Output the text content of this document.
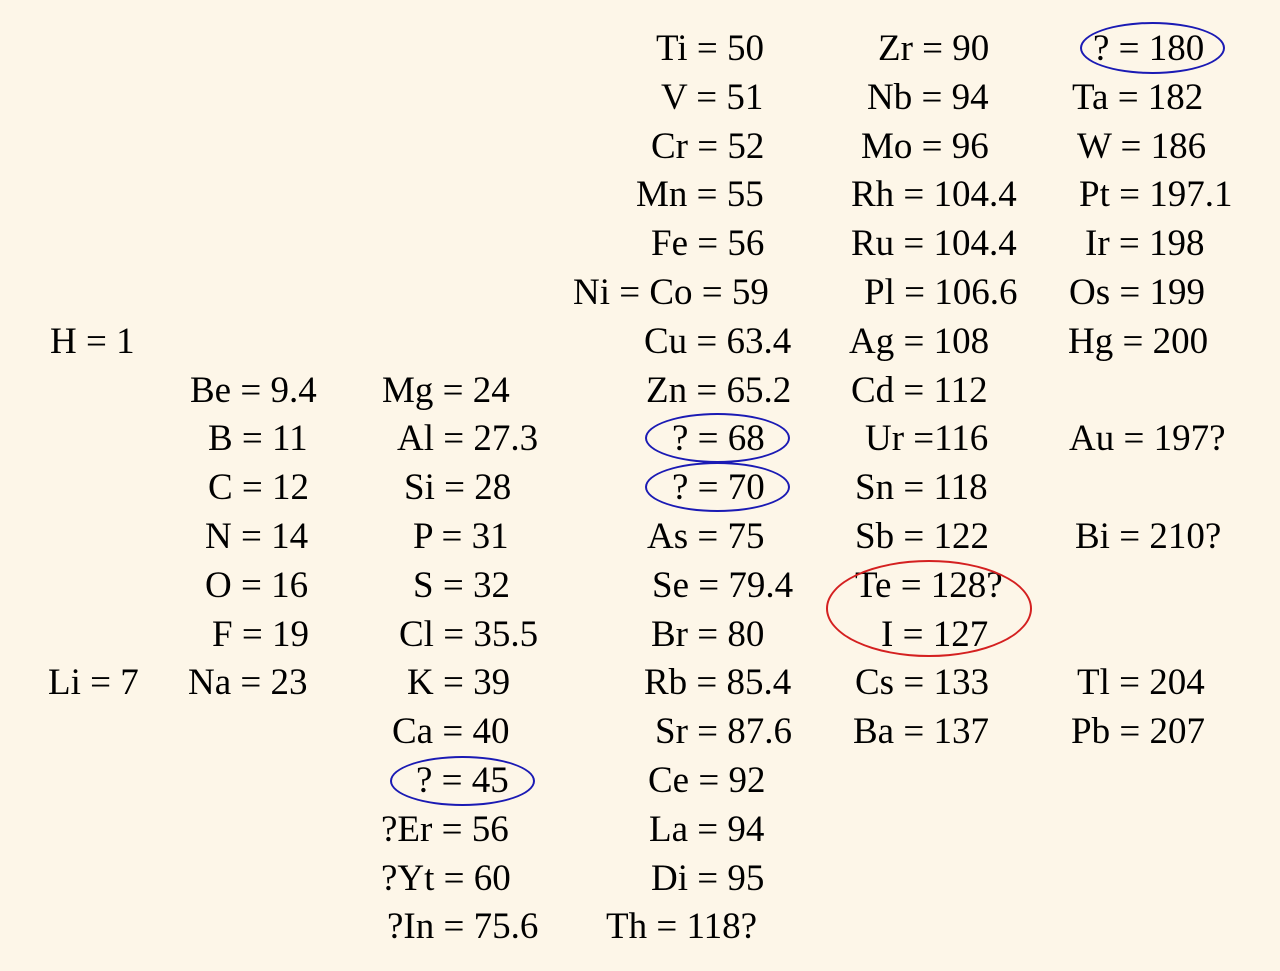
H = 1
Li = 7
Be = 9.4
B = 11
C = 12
N = 14
O = 16
F = 19
Na = 23
Mg = 24
Al = 27.3
Si = 28
P = 31
S = 32
Cl = 35.5
K = 39
Ca = 40
? = 45
?Er = 56
?Yt = 60
?In = 75.6
Ti = 50
V = 51
Cr = 52
Mn = 55
Fe = 56
Ni = Co = 59
Cu = 63.4
Zn = 65.2
? = 68
? = 70
As = 75
Se = 79.4
Br = 80
Rb = 85.4
Sr = 87.6
Ce = 92
La = 94
Di = 95
Th = 118?
Zr = 90
Nb = 94
Mo = 96
Rh = 104.4
Ru = 104.4
Pl = 106.6
Ag = 108
Cd = 112
Ur =116
Sn = 118
Sb = 122
Te = 128?
I = 127
Cs = 133
Ba = 137
? = 180
Ta = 182
W = 186
Pt = 197.1
Ir = 198
Os = 199
Hg = 200
Au = 197?
Bi = 210?
Tl = 204
Pb = 207
